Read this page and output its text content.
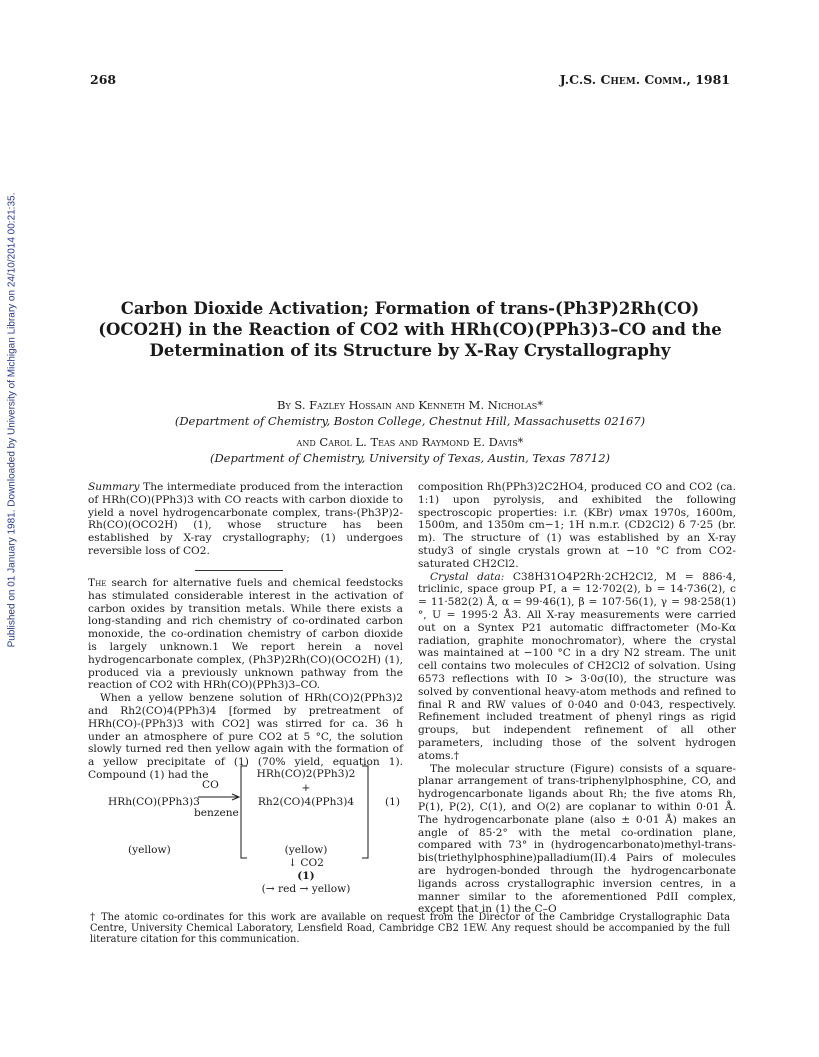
Published on 01 January 1981. Downloaded by University of Michigan Library on 24/10/2014 00:21:35.
268	J.C.S. Chem. Comm., 1981
Carbon Dioxide Activation; Formation of trans-(Ph3P)2Rh(CO)(OCO2H) in the Reaction of CO2 with HRh(CO)(PPh3)3–CO and the Determination of its Structure by X-Ray Crystallography
By S. Fazley Hossain and Kenneth M. Nicholas*
(Department of Chemistry, Boston College, Chestnut Hill, Massachusetts 02167)
and Carol L. Teas and Raymond E. Davis*
(Department of Chemistry, University of Texas, Austin, Texas 78712)

Summary The intermediate produced from the interaction of HRh(CO)(PPh3)3 with CO reacts with carbon dioxide to yield a novel hydrogencarbonate complex, trans-(Ph3P)2-Rh(CO)(OCO2H) (1), whose structure has been established by X-ray crystallography; (1) undergoes reversible loss of CO2.

The search for alternative fuels and chemical feedstocks has stimulated considerable interest in the activation of carbon oxides by transition metals. While there exists a long-standing and rich chemistry of co-ordinated carbon monoxide, the co-ordination chemistry of carbon dioxide is largely unknown.1 We report herein a novel hydrogencarbonate complex, (Ph3P)2Rh(CO)(OCO2H) (1), produced via a previously unknown pathway from the reaction of CO2 with HRh(CO)(PPh3)3–CO.

When a yellow benzene solution of HRh(CO)2(PPh3)2 and Rh2(CO)4(PPh3)4 [formed by pretreatment of HRh(CO)-(PPh3)3 with CO2] was stirred for ca. 36 h under an atmosphere of pure CO2 at 5 °C, the solution slowly turned red then yellow again with the formation of a yellow precipitate of (1) (70% yield, equation 1). Compound (1) had the

HRh(CO)(PPh3)3
CO
benzene
(yellow)
HRh(CO)2(PPh3)2
+
Rh2(CO)4(PPh3)4
(yellow)
↓ CO2
(1)
(→ red → yellow)
(1)

composition Rh(PPh3)2C2HO4, produced CO and CO2 (ca. 1:1) upon pyrolysis, and exhibited the following spectroscopic properties: i.r. (KBr) νmax 1970s, 1600m, 1500m, and 1350m cm−1; 1H n.m.r. (CD2Cl2) δ 7·25 (br. m). The structure of (1) was established by an X-ray study3 of single crystals grown at −10 °C from CO2-saturated CH2Cl2.

Crystal data: C38H31O4P2Rh·2CH2Cl2, M = 886·4, triclinic, space group P1̄, a = 12·702(2), b = 14·736(2), c = 11·582(2) Å, α = 99·46(1), β = 107·56(1), γ = 98·258(1)°, U = 1995·2 Å3. All X-ray measurements were carried out on a Syntex P21 automatic diffractometer (Mo-Kα radiation, graphite monochromator), where the crystal was maintained at −100 °C in a dry N2 stream. The unit cell contains two molecules of CH2Cl2 of solvation. Using 6573 reflections with I0 > 3·0σ(I0), the structure was solved by conventional heavy-atom methods and refined to final R and RW values of 0·040 and 0·043, respectively. Refinement included treatment of phenyl rings as rigid groups, but independent refinement of all other parameters, including those of the solvent hydrogen atoms.†

The molecular structure (Figure) consists of a square-planar arrangement of trans-triphenylphosphine, CO, and hydrogencarbonate ligands about Rh; the five atoms Rh, P(1), P(2), C(1), and O(2) are coplanar to within 0·01 Å. The hydrogencarbonate plane (also ± 0·01 Å) makes an angle of 85·2° with the metal co-ordination plane, compared with 73° in (hydrogencarbonato)methyl-trans-bis(triethylphosphine)palladium(II).4 Pairs of molecules are hydrogen-bonded through the hydrogencarbonate ligands across crystallographic inversion centres, in a manner similar to the aforementioned PdII complex, except that in (1) the C–O

† The atomic co-ordinates for this work are available on request from the Director of the Cambridge Crystallographic Data Centre, University Chemical Laboratory, Lensfield Road, Cambridge CB2 1EW. Any request should be accompanied by the full literature citation for this communication.
